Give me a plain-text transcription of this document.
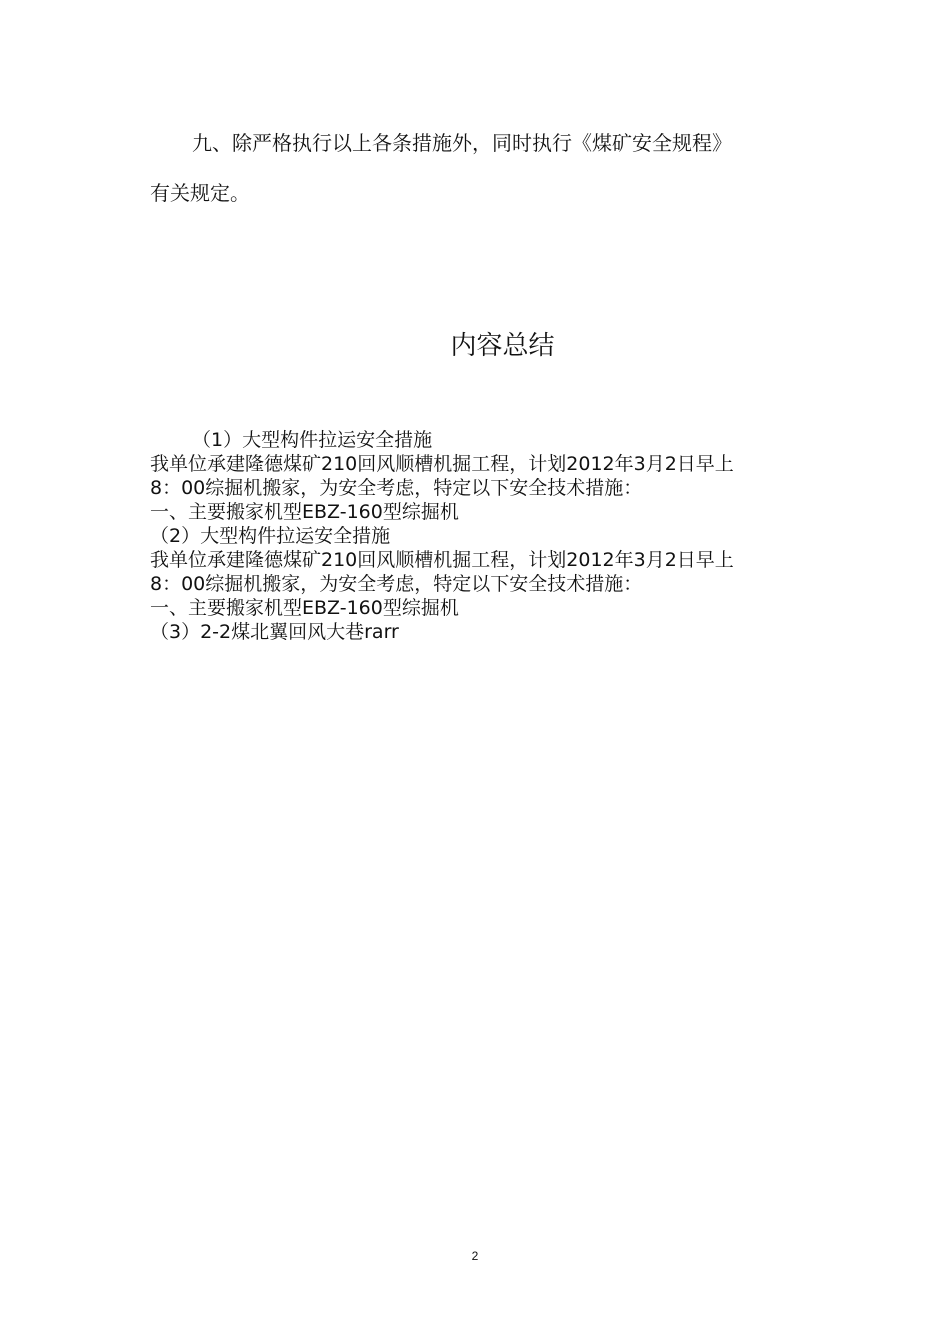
九、除严格执行以上各条措施外，同时执行《煤矿安全规程》

有关规定。

内容总结

（1）大型构件拉运安全措施

我单位承建隆德煤矿210回风顺槽机掘工程，计划2012年3月2日早上

8：00综掘机搬家，为安全考虑，特定以下安全技术措施：

一、主要搬家机型EBZ-160型综掘机

（2）大型构件拉运安全措施

我单位承建隆德煤矿210回风顺槽机掘工程，计划2012年3月2日早上

8：00综掘机搬家，为安全考虑，特定以下安全技术措施：

一、主要搬家机型EBZ-160型综掘机

（3）2-2煤北翼回风大巷rarr

2
